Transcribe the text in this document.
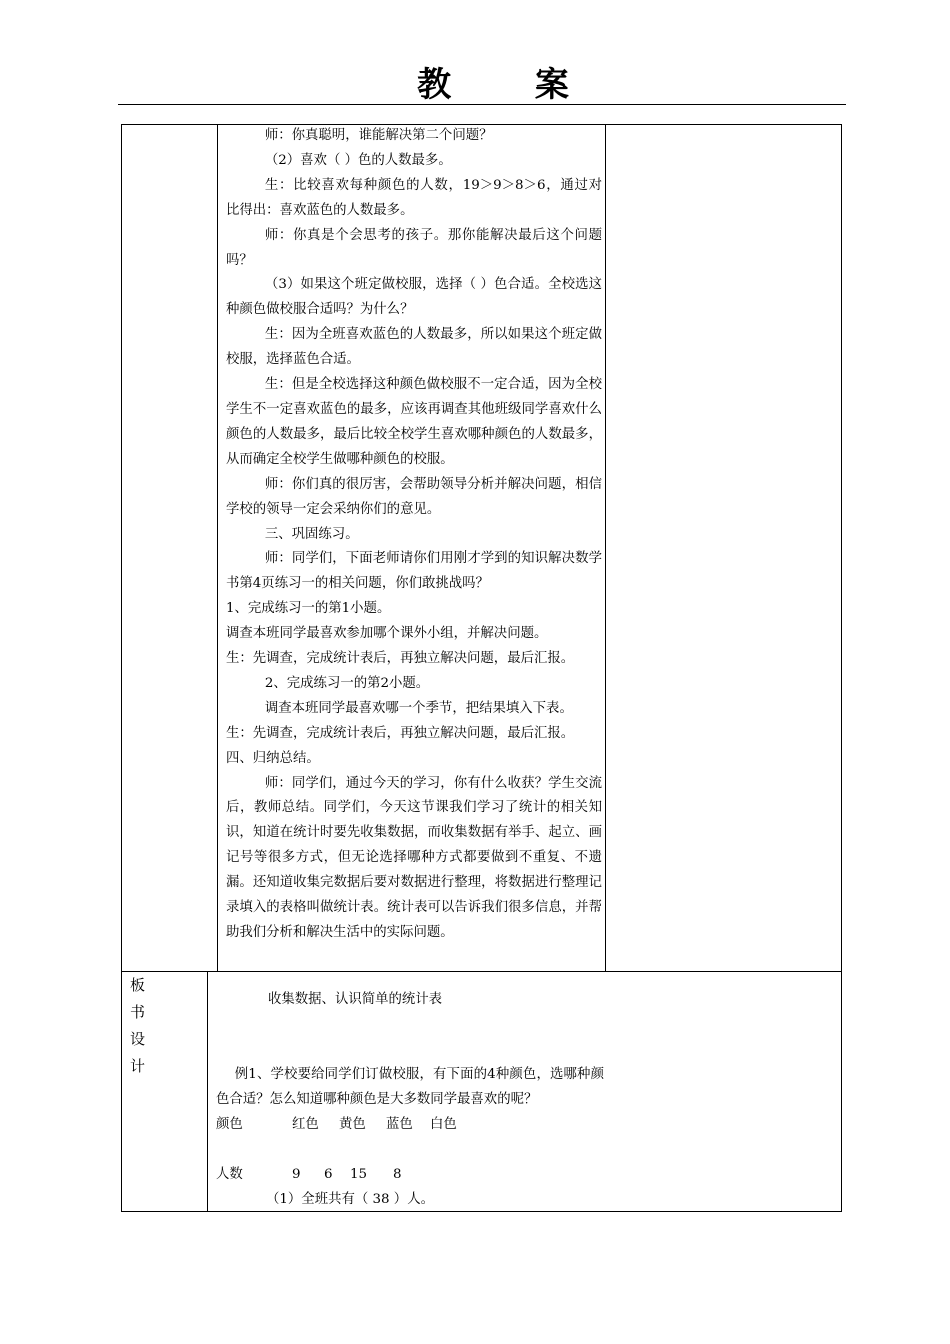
教 案

师：你真聪明，谁能解决第二个问题？

（2）喜欢（ ）色的人数最多。

生：比较喜欢每种颜色的人数，19＞9＞8＞6，通过对比得出：喜欢蓝色的人数最多。

师：你真是个会思考的孩子。那你能解决最后这个问题吗？

（3）如果这个班定做校服，选择（ ）色合适。全校选这种颜色做校服合适吗？为什么？

生：因为全班喜欢蓝色的人数最多，所以如果这个班定做校服，选择蓝色合适。

生：但是全校选择这种颜色做校服不一定合适，因为全校学生不一定喜欢蓝色的最多，应该再调查其他班级同学喜欢什么颜色的人数最多，最后比较全校学生喜欢哪种颜色的人数最多，从而确定全校学生做哪种颜色的校服。

师：你们真的很厉害，会帮助领导分析并解决问题，相信学校的领导一定会采纳你们的意见。

三、巩固练习。

师：同学们，下面老师请你们用刚才学到的知识解决数学书第4页练习一的相关问题，你们敢挑战吗？

1、完成练习一的第1小题。

调查本班同学最喜欢参加哪个课外小组，并解决问题。

生：先调查，完成统计表后，再独立解决问题，最后汇报。

2、完成练习一的第2小题。

调查本班同学最喜欢哪一个季节，把结果填入下表。

生：先调查，完成统计表后，再独立解决问题，最后汇报。

四、归纳总结。

师：同学们，通过今天的学习，你有什么收获？学生交流后，教师总结。同学们，今天这节课我们学习了统计的相关知识，知道在统计时要先收集数据，而收集数据有举手、起立、画记号等很多方式，但无论选择哪种方式都要做到不重复、不遗漏。还知道收集完数据后要对数据进行整理，将数据进行整理记录填入的表格叫做统计表。统计表可以告诉我们很多信息，并帮助我们分析和解决生活中的实际问题。

板
书
设
计

收集数据、认识简单的统计表

例1、学校要给同学们订做校服，有下面的4种颜色，选哪种颜色合适？怎么知道哪种颜色是大多数同学最喜欢的呢？

颜色	红色 黄色 蓝色 白色
人数	9 6 15 8

（1）全班共有（ 38 ）人。
